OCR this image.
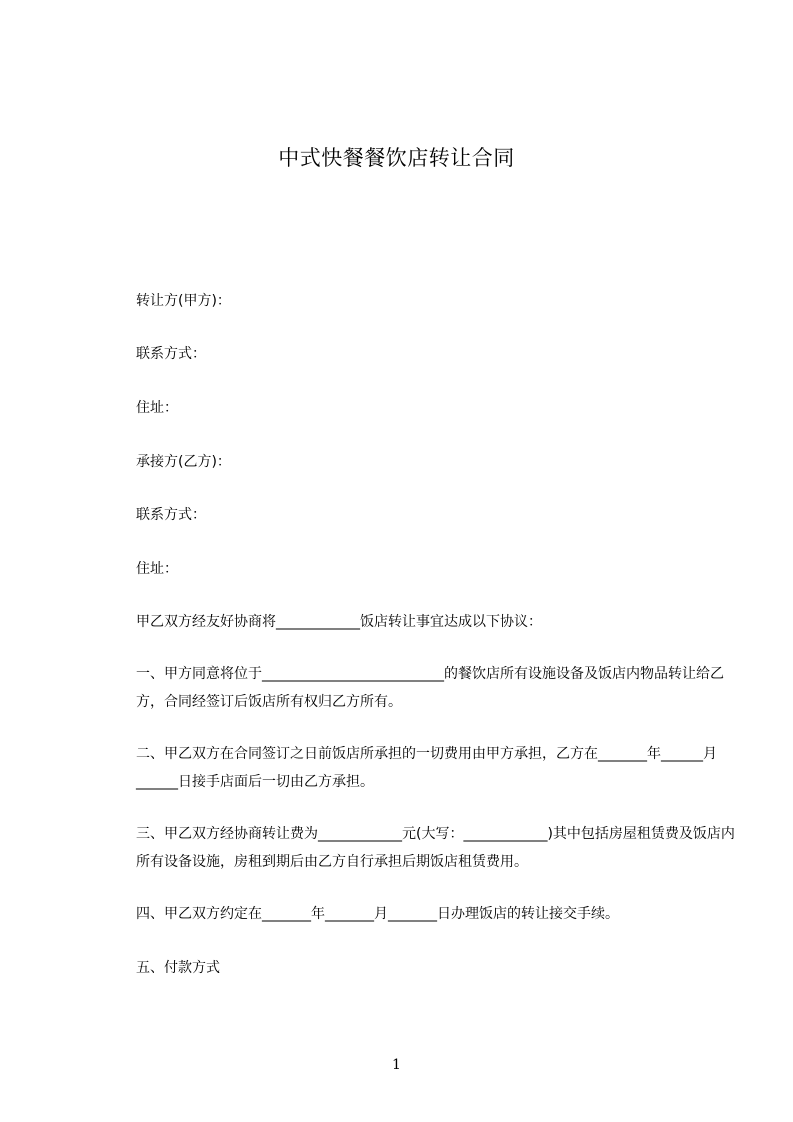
中式快餐餐饮店转让合同
转让方(甲方)：
联系方式：
住址：
承接方(乙方)：
联系方式：
住址：
甲乙双方经友好协商将____________饭店转让事宜达成以下协议：
一、甲方同意将位于__________________________的餐饮店所有设施设备及饭店内物品转让给乙方，合同经签订后饭店所有权归乙方所有。
二、甲乙双方在合同签订之日前饭店所承担的一切费用由甲方承担，乙方在_______年______月______日接手店面后一切由乙方承担。
三、甲乙双方经协商转让费为____________元(大写：____________)其中包括房屋租赁费及饭店内所有设备设施，房租到期后由乙方自行承担后期饭店租赁费用。
四、甲乙双方约定在_______年_______月_______日办理饭店的转让接交手续。
五、付款方式
1
